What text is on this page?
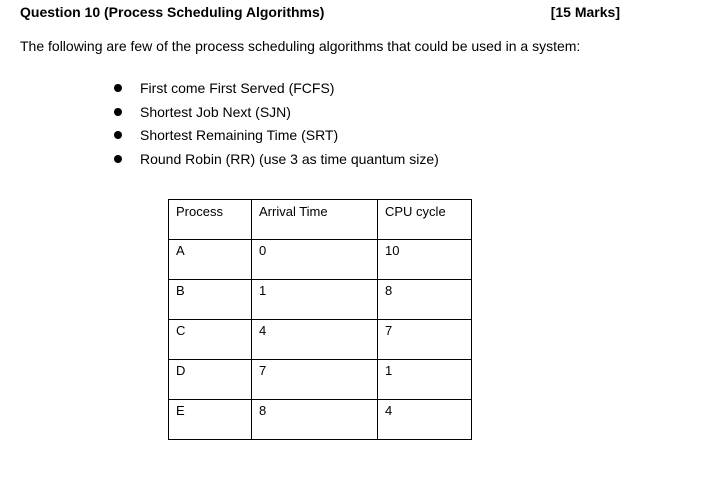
Question 10 (Process Scheduling Algorithms)	[15 Marks]
The following are few of the process scheduling algorithms that could be used in a system:
First come First Served (FCFS)
Shortest Job Next (SJN)
Shortest Remaining Time (SRT)
Round Robin (RR) (use 3 as time quantum size)
Process	Arrival Time	CPU cycle
A	0	10
B	1	8
C	4	7
D	7	1
E	8	4
